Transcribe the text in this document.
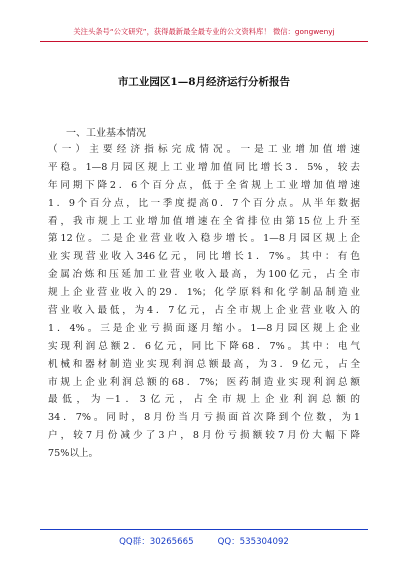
关注头条号“公文研究”，获得最新最全最专业的公文资料库！ 微信：gongwenyj
市工业园区1—8月经济运行分析报告
一、工业基本情况
（一）主要经济指标完成情况。一是工业增加值增速
平稳。1—8月园区规上工业增加值同比增长3．5%，较去
年同期下降2．6个百分点，低于全省规上工业增加值增速
1．9个百分点，比一季度提高0．7个百分点。从半年数据
看，我市规上工业增加值增速在全省排位由第15位上升至
第12位。二是企业营业收入稳步增长。1—8月园区规上企
业实现营业收入346亿元，同比增长1．7%。其中：有色
金属冶炼和压延加工业营业收入最高，为100亿元，占全市
规上企业营业收入的29．1%；化学原料和化学制品制造业
营业收入最低，为4．7亿元，占全市规上企业营业收入的
1．4%。三是企业亏损面逐月缩小。1—8月园区规上企业
实现利润总额2．6亿元，同比下降68．7%。其中：电气
机械和器材制造业实现利润总额最高，为3．9亿元，占全
市规上企业利润总额的68．7%；医药制造业实现利润总额
最低，为－1．3亿元，占全市规上企业利润总额的
34．7%。同时，8月份当月亏损面首次降到个位数，为1
户，较7月份减少了3户，8月份亏损额较7月份大幅下降
75%以上。
QQ群：30265665	QQ：535304092
